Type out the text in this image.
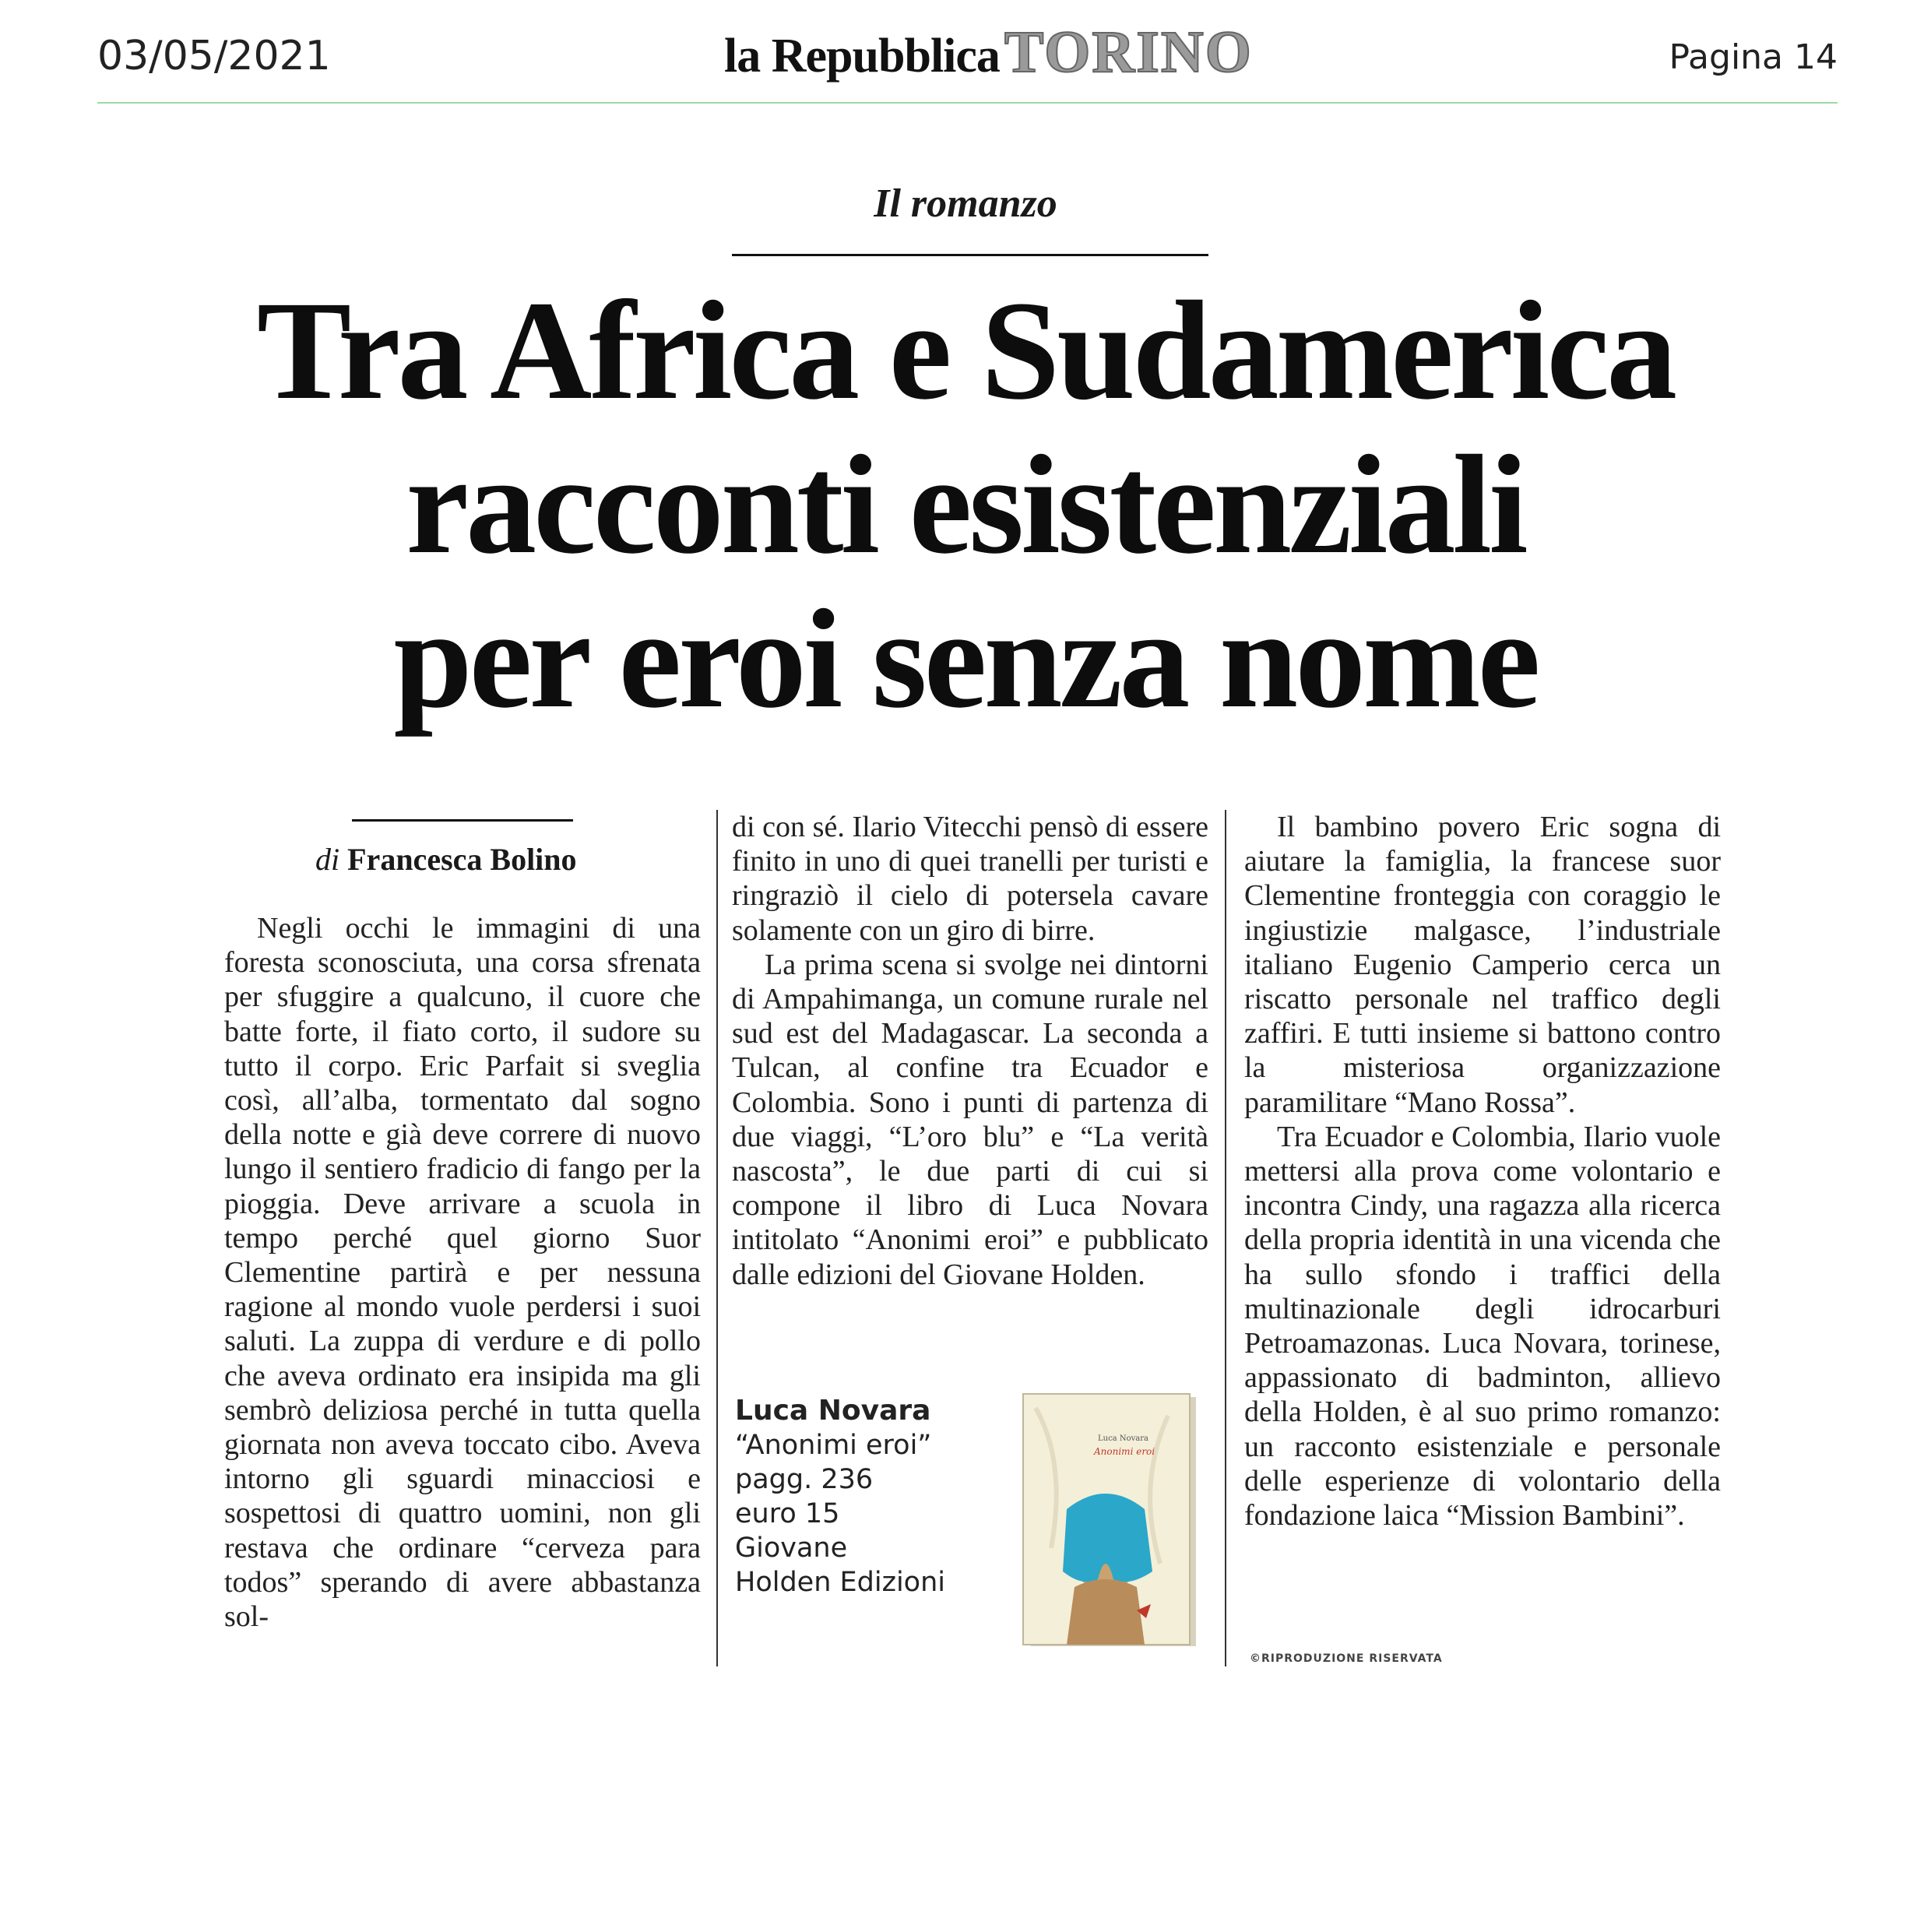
03/05/2021	la Repubblica TORINO	Pagina 14
Il romanzo
Tra Africa e Sudamerica
racconti esistenziali
per eroi senza nome
di Francesca Bolino

Negli occhi le immagini di una foresta sconosciuta, una corsa sfrenata per sfuggire a qualcuno, il cuore che batte forte, il fiato corto, il sudore su tutto il corpo. Eric Parfait si sveglia così, all’alba, tormentato dal sogno della notte e già deve correre di nuovo lungo il sentiero fradicio di fango per la pioggia. Deve arrivare a scuola in tempo perché quel giorno Suor Clementine partirà e per nessuna ragione al mondo vuole perdersi i suoi saluti. La zuppa di verdure e di pollo che aveva ordinato era insipida ma gli sembrò deliziosa perché in tutta quella giornata non aveva toccato cibo. Aveva intorno gli sguardi minacciosi e sospettosi di quattro uomini, non gli restava che ordinare “cerveza para todos” sperando di avere abbastanza sol-

di con sé. Ilario Vitecchi pensò di essere finito in uno di quei tranelli per turisti e ringraziò il cielo di potersela cavare solamente con un giro di birre.

La prima scena si svolge nei dintorni di Ampahimanga, un comune rurale nel sud est del Madagascar. La seconda a Tulcan, al confine tra Ecuador e Colombia. Sono i punti di partenza di due viaggi, “L’oro blu” e “La verità nascosta”, le due parti di cui si compone il libro di Luca Novara intitolato “Anonimi eroi” e pubblicato dalle edizioni del Giovane Holden.

Luca Novara
“Anonimi eroi”
pagg. 236
euro 15
Giovane
Holden Edizioni
Luca Novara
Anonimi eroi

Il bambino povero Eric sogna di aiutare la famiglia, la francese suor Clementine fronteggia con coraggio le ingiustizie malgasce, l’industriale italiano Eugenio Camperio cerca un riscatto personale nel traffico degli zaffiri. E tutti insieme si battono contro la misteriosa organizzazione paramilitare “Mano Rossa”.

Tra Ecuador e Colombia, Ilario vuole mettersi alla prova come volontario e incontra Cindy, una ragazza alla ricerca della propria identità in una vicenda che ha sullo sfondo i traffici della multinazionale degli idrocarburi Petroamazonas. Luca Novara, torinese, appassionato di badminton, allievo della Holden, è al suo primo romanzo: un racconto esistenziale e personale delle esperienze di volontario della fondazione laica “Mission Bambini”.

©RIPRODUZIONE RISERVATA
